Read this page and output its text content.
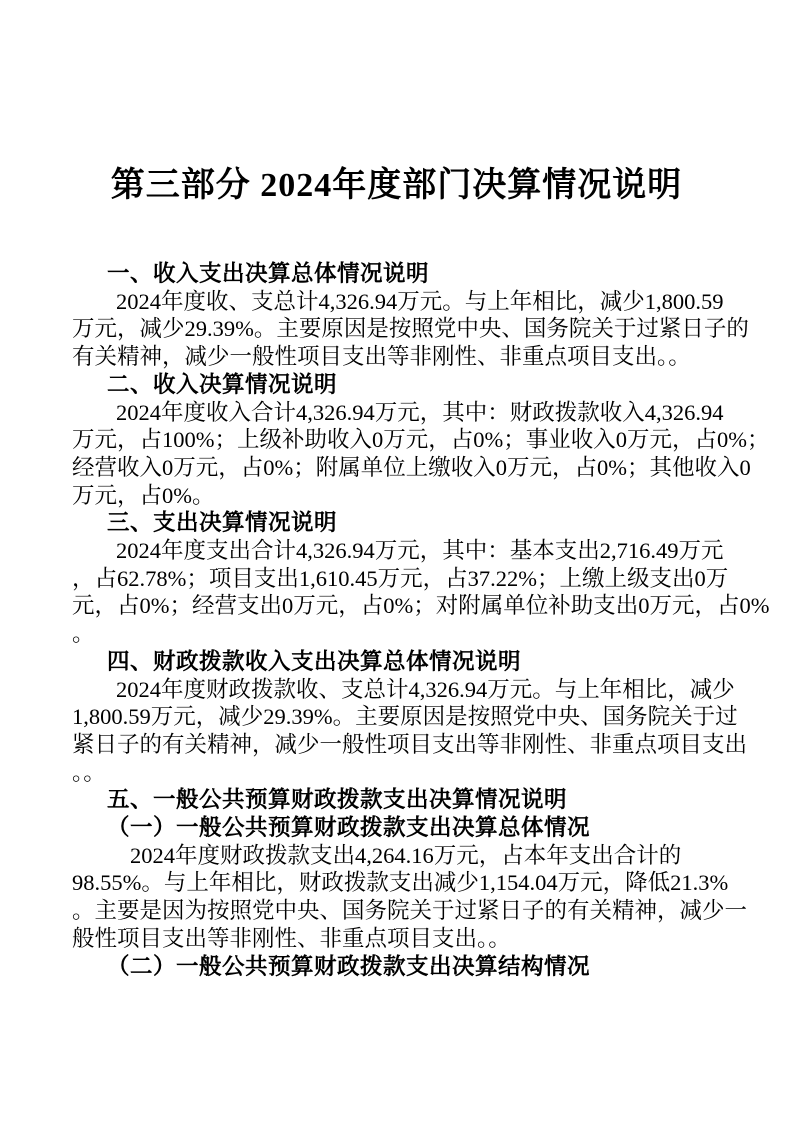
第三部分 2024年度部门决算情况说明
一、收入支出决算总体情况说明
2024年度收、支总计4,326.94万元。与上年相比，减少1,800.59
万元，减少29.39%。主要原因是按照党中央、国务院关于过紧日子的
有关精神，减少一般性项目支出等非刚性、非重点项目支出。。
二、收入决算情况说明
2024年度收入合计4,326.94万元，其中：财政拨款收入4,326.94
万元，占100%；上级补助收入0万元，占0%；事业收入0万元，占0%；
经营收入0万元，占0%；附属单位上缴收入0万元，占0%；其他收入0
万元，占0%。
三、支出决算情况说明
2024年度支出合计4,326.94万元，其中：基本支出2,716.49万元
，占62.78%；项目支出1,610.45万元，占37.22%；上缴上级支出0万
元，占0%；经营支出0万元，占0%；对附属单位补助支出0万元，占0%
。
四、财政拨款收入支出决算总体情况说明
2024年度财政拨款收、支总计4,326.94万元。与上年相比，减少
1,800.59万元，减少29.39%。主要原因是按照党中央、国务院关于过
紧日子的有关精神，减少一般性项目支出等非刚性、非重点项目支出
。。
五、一般公共预算财政拨款支出决算情况说明
（一）一般公共预算财政拨款支出决算总体情况
2024年度财政拨款支出4,264.16万元，占本年支出合计的
98.55%。与上年相比，财政拨款支出减少1,154.04万元，降低21.3%
。主要是因为按照党中央、国务院关于过紧日子的有关精神，减少一
般性项目支出等非刚性、非重点项目支出。。
（二）一般公共预算财政拨款支出决算结构情况
